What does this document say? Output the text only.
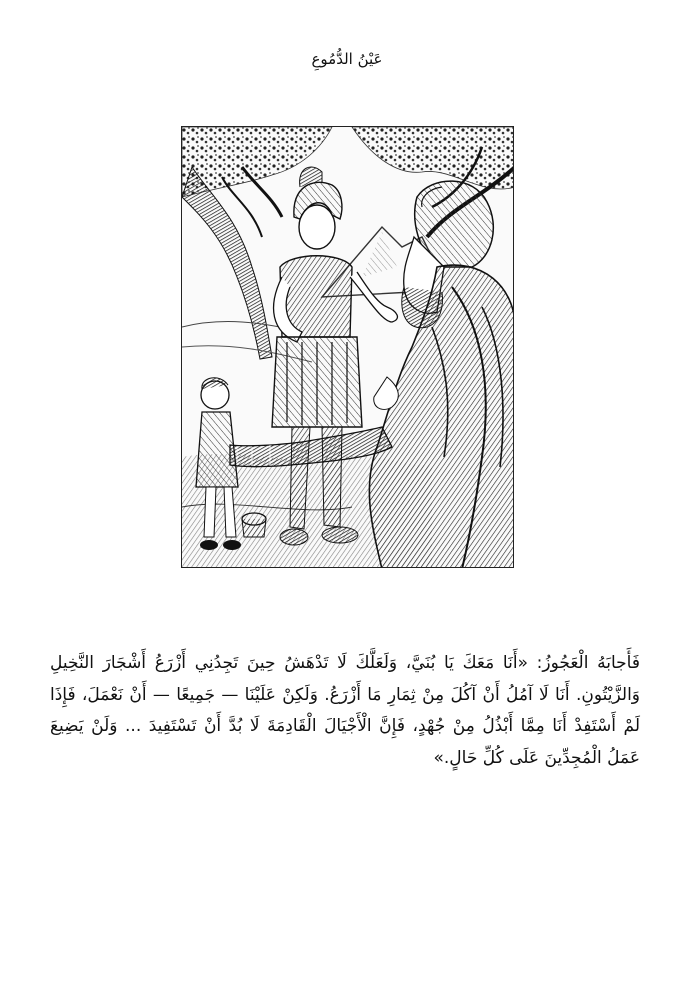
عَيْنُ الدُّمُوعِ
فَأَجابَهُ الْعَجُوزُ: «أَنَا مَعَكَ يَا بُنَيَّ، وَلَعَلَّكَ لَا تَدْهَشُ حِينَ تَجِدُنِي أَزْرَعُ أَشْجَارَ النَّخِيلِ وَالزَّيْتُونِ. أَنَا لَا آمُلُ أَنْ آكُلَ مِنْ ثِمَارِ مَا أَزْرَعُ. وَلَكِنْ عَلَيْنَا — جَمِيعًا — أَنْ نَعْمَلَ، فَإِذَا لَمْ أَسْتَفِدْ أَنَا مِمَّا أَبْذُلُ مِنْ جُهْدٍ، فَإِنَّ الْأَجْيَالَ الْقَادِمَةَ لَا بُدَّ أَنْ تَسْتَفِيدَ ... وَلَنْ يَضِيعَ عَمَلُ الْمُجِدِّينَ عَلَى كُلِّ حَالٍ.»
